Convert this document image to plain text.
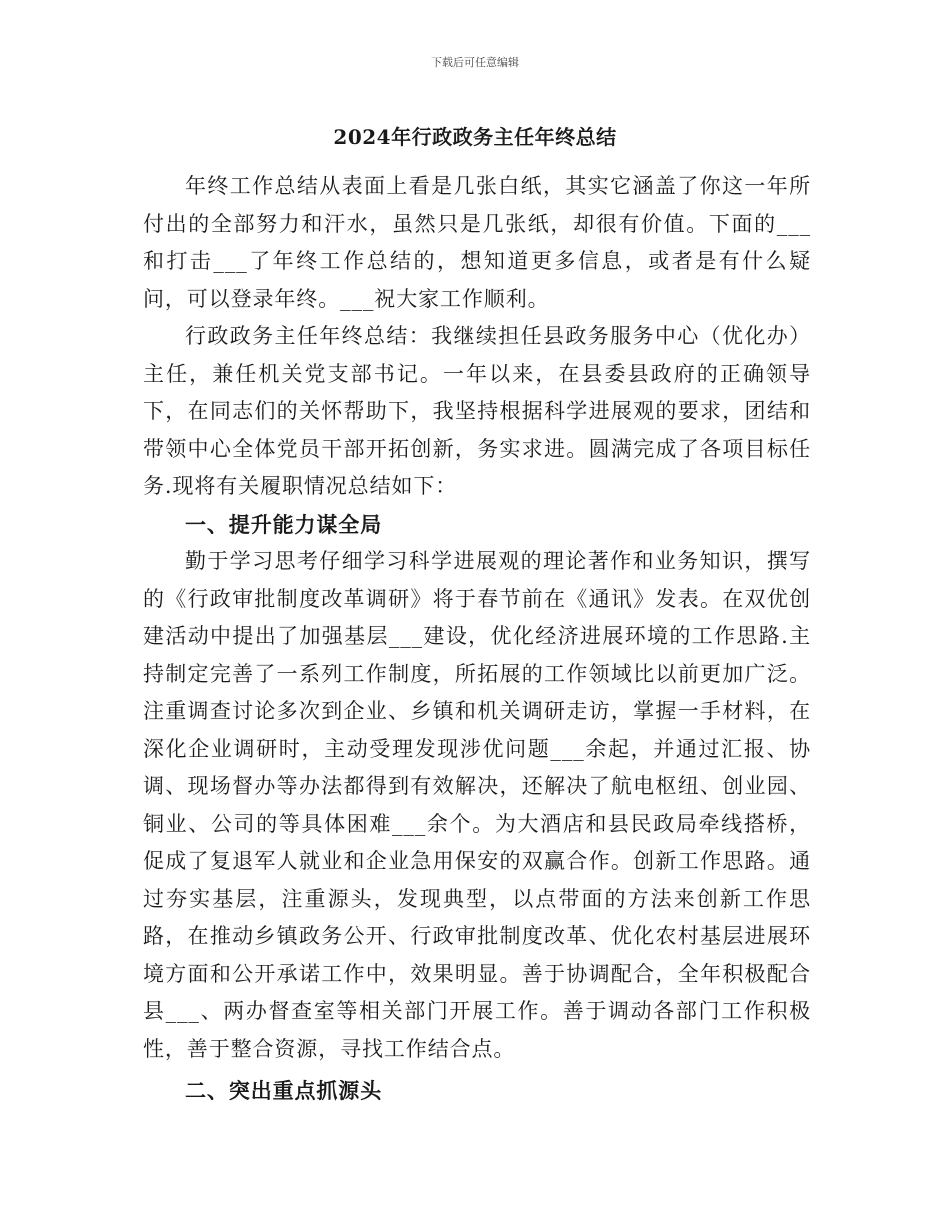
下载后可任意编辑
2024年行政政务主任年终总结

年终工作总结从表面上看是几张白纸，其实它涵盖了你这一年所付出的全部努力和汗水，虽然只是几张纸，却很有价值。下面的___和打击___了年终工作总结的，想知道更多信息，或者是有什么疑问，可以登录年终。___祝大家工作顺利。

行政政务主任年终总结：我继续担任县政务服务中心（优化办）主任，兼任机关党支部书记。一年以来，在县委县政府的正确领导下，在同志们的关怀帮助下，我坚持根据科学进展观的要求，团结和带领中心全体党员干部开拓创新，务实求进。圆满完成了各项目标任务.现将有关履职情况总结如下：

一、提升能力谋全局

勤于学习思考仔细学习科学进展观的理论著作和业务知识，撰写的《行政审批制度改革调研》将于春节前在《通讯》发表。在双优创建活动中提出了加强基层___建设，优化经济进展环境的工作思路.主持制定完善了一系列工作制度，所拓展的工作领域比以前更加广泛。注重调查讨论多次到企业、乡镇和机关调研走访，掌握一手材料，在深化企业调研时，主动受理发现涉优问题___余起，并通过汇报、协调、现场督办等办法都得到有效解决，还解决了航电枢纽、创业园、铜业、公司的等具体困难___余个。为大酒店和县民政局牵线搭桥，促成了复退军人就业和企业急用保安的双赢合作。创新工作思路。通过夯实基层，注重源头，发现典型，以点带面的方法来创新工作思路，在推动乡镇政务公开、行政审批制度改革、优化农村基层进展环境方面和公开承诺工作中，效果明显。善于协调配合，全年积极配合县___、两办督查室等相关部门开展工作。善于调动各部门工作积极性，善于整合资源，寻找工作结合点。

二、突出重点抓源头
